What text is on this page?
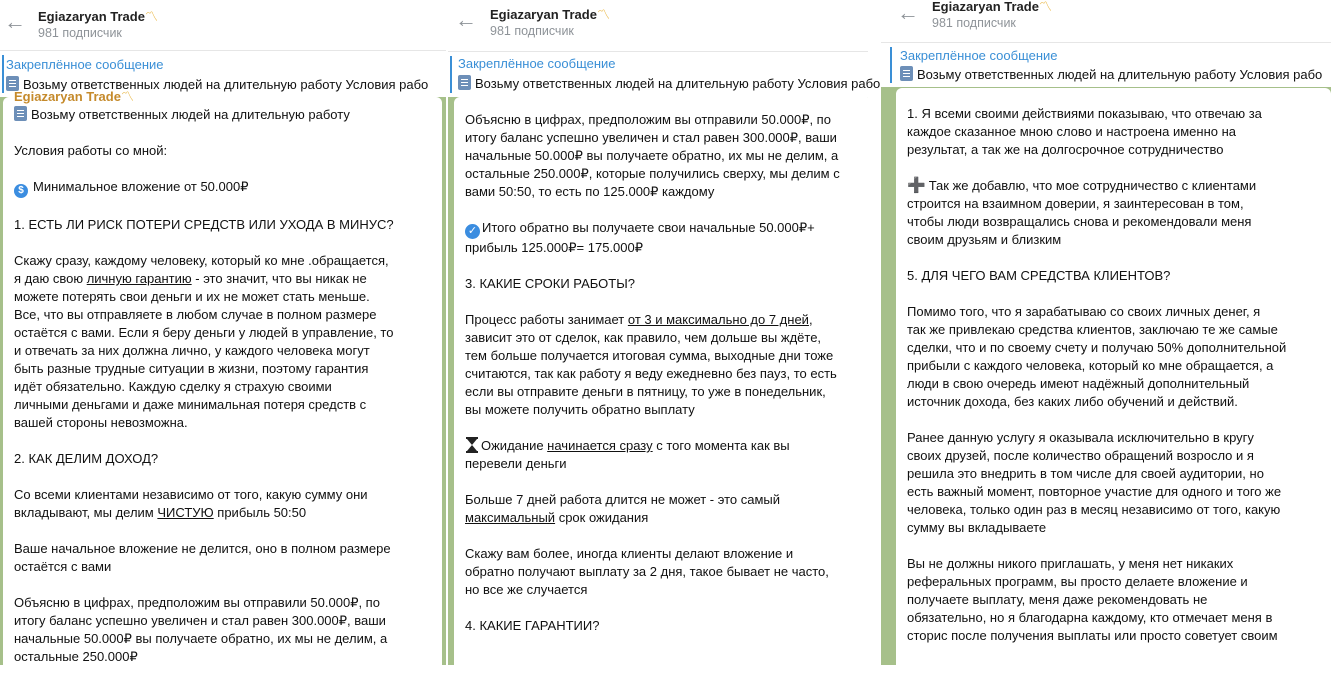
← Egiazaryan Trade〽
981 подписчик
Закреплённое сообщение
Возьму ответственных людей на длительную работу Условия рабо

Egiazaryan Trade〽

Возьму ответственных людей на длительную работу

Условия работы со мной:

$ Минимальное вложение от 50.000₽

1. ЕСТЬ ЛИ РИСК ПОТЕРИ СРЕДСТВ ИЛИ УХОДА В МИНУС?

Скажу сразу, каждому человеку, который ко мне .обращается,

я даю свою личную гарантию - это значит, что вы никак не

можете потерять свои деньги и их не может стать меньше.

Все, что вы отправляете в любом случае в полном размере

остаётся с вами. Если я беру деньги у людей в управление, то

и отвечать за них должна лично, у каждого человека могут

быть разные трудные ситуации в жизни, поэтому гарантия

идёт обязательно. Каждую сделку я страхую своими

личными деньгами и даже минимальная потеря средств с

вашей стороны невозможна.

2. КАК ДЕЛИМ ДОХОД?

Со всеми клиентами независимо от того, какую сумму они

вкладывают, мы делим ЧИСТУЮ прибыль 50:50

Ваше начальное вложение не делится, оно в полном размере

остаётся с вами

Объясню в цифрах, предположим вы отправили 50.000₽, по

итогу баланс успешно увеличен и стал равен 300.000₽, ваши

начальные 50.000₽ вы получаете обратно, их мы не делим, а

остальные 250.000₽

← Egiazaryan Trade〽
981 подписчик
Закреплённое сообщение
Возьму ответственных людей на длительную работу Условия рабо

Объясню в цифрах, предположим вы отправили 50.000₽, по

итогу баланс успешно увеличен и стал равен 300.000₽, ваши

начальные 50.000₽ вы получаете обратно, их мы не делим, а

остальные 250.000₽, которые получились сверху, мы делим с

вами 50:50, то есть по 125.000₽ каждому

✓ Итого обратно вы получаете свои начальные 50.000₽+

прибыль 125.000₽= 175.000₽

3. КАКИЕ СРОКИ РАБОТЫ?

Процесс работы занимает от 3 и максимально до 7 дней,

зависит это от сделок, как правило, чем дольше вы ждёте,

тем больше получается итоговая сумма, выходные дни тоже

считаются, так как работу я веду ежедневно без пауз, то есть

если вы отправите деньги в пятницу, то уже в понедельник,

вы можете получить обратно выплату

Ожидание начинается сразу с того момента как вы

перевели деньги

Больше 7 дней работа длится не может - это самый

максимальный срок ожидания

Скажу вам более, иногда клиенты делают вложение и

обратно получают выплату за 2 дня, такое бывает не часто,

но все же случается

4. КАКИЕ ГАРАНТИИ?

← Egiazaryan Trade〽
981 подписчик
Закреплённое сообщение
Возьму ответственных людей на длительную работу Условия рабо

1. Я всеми своими действиями показываю, что отвечаю за

каждое сказанное мною слово и настроена именно на

результат, а так же на долгосрочное сотрудничество

➕ Так же добавлю, что мое сотрудничество с клиентами

строится на взаимном доверии, я заинтересован в том,

чтобы люди возвращались снова и рекомендовали меня

своим друзьям и близким

5. ДЛЯ ЧЕГО ВАМ СРЕДСТВА КЛИЕНТОВ?

Помимо того, что я зарабатываю со своих личных денег, я

так же привлекаю средства клиентов, заключаю те же самые

сделки, что и по своему счету и получаю 50% дополнительной

прибыли с каждого человека, который ко мне обращается, а

люди в свою очередь имеют надёжный дополнительный

источник дохода, без каких либо обучений и действий.

Ранее данную услугу я оказывала исключительно в кругу

своих друзей, после количество обращений возросло и я

решила это внедрить в том числе для своей аудитории, но

есть важный момент, повторное участие для одного и того же

человека, только один раз в месяц независимо от того, какую

сумму вы вкладываете

Вы не должны никого приглашать, у меня нет никаких

реферальных программ, вы просто делаете вложение и

получаете выплату, меня даже рекомендовать не

обязательно, но я благодарна каждому, кто отмечает меня в

сторис после получения выплаты или просто советует своим
